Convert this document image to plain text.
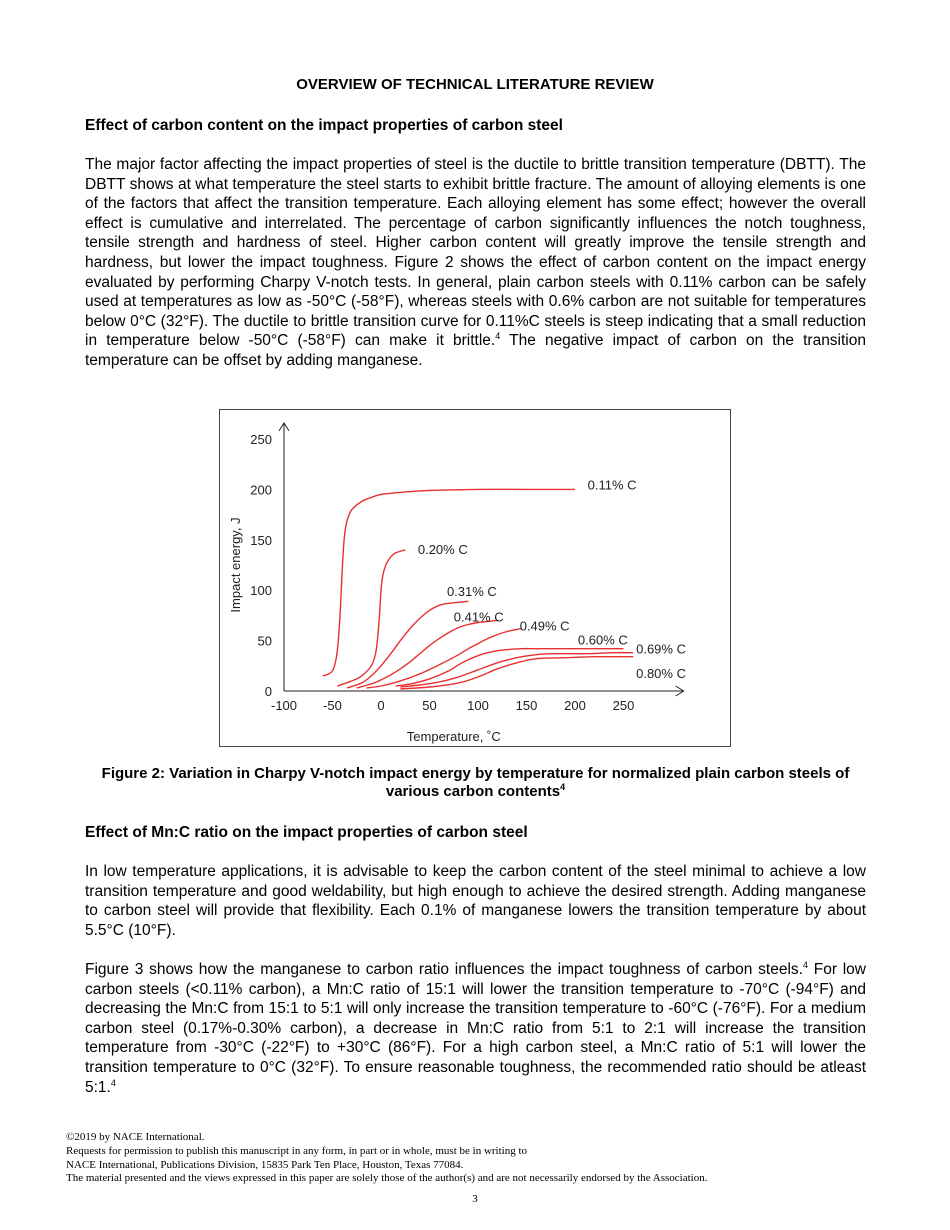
OVERVIEW OF TECHNICAL LITERATURE REVIEW
Effect of carbon content on the impact properties of carbon steel
The major factor affecting the impact properties of steel is the ductile to brittle transition temperature (DBTT). The DBTT shows at what temperature the steel starts to exhibit brittle fracture. The amount of alloying elements is one of the factors that affect the transition temperature. Each alloying element has some effect; however the overall effect is cumulative and interrelated. The percentage of carbon significantly influences the notch toughness, tensile strength and hardness of steel. Higher carbon content will greatly improve the tensile strength and hardness, but lower the impact toughness. Figure 2 shows the effect of carbon content on the impact energy evaluated by performing Charpy V-notch tests. In general, plain carbon steels with 0.11% carbon can be safely used at temperatures as low as -50°C (-58°F), whereas steels with 0.6% carbon are not suitable for temperatures below 0°C (32°F). The ductile to brittle transition curve for 0.11%C steels is steep indicating that a small reduction in temperature below -50°C (-58°F) can make it brittle.$^4$ The negative impact of carbon on the transition temperature can be offset by adding manganese.
-100 -50	0	50 100 150 200 250
0
50
100
150
200
250
Temperature, ˚C
Impact energy, J
0.11% C
0.20% C
0.31% C
0.41% C
0.49% C
0.60% C
0.69% C
0.80% C
Figure 2: Variation in Charpy V-notch impact energy by temperature for normalized plain carbon steels of various carbon contents$^4$
Effect of Mn:C ratio on the impact properties of carbon steel
In low temperature applications, it is advisable to keep the carbon content of the steel minimal to achieve a low transition temperature and good weldability, but high enough to achieve the desired strength. Adding manganese to carbon steel will provide that flexibility. Each 0.1% of manganese lowers the transition temperature by about 5.5°C (10°F).
Figure 3 shows how the manganese to carbon ratio influences the impact toughness of carbon steels.$^4$ For low carbon steels (<0.11% carbon), a Mn:C ratio of 15:1 will lower the transition temperature to -70°C (-94°F) and decreasing the Mn:C from 15:1 to 5:1 will only increase the transition temperature to -60°C (-76°F). For a medium carbon steel (0.17%-0.30% carbon), a decrease in Mn:C ratio from 5:1 to 2:1 will increase the transition temperature from -30°C (-22°F) to +30°C (86°F). For a high carbon steel, a Mn:C ratio of 5:1 will lower the transition temperature to 0°C (32°F). To ensure reasonable toughness, the recommended ratio should be atleast 5:1.$^4$
©2019 by NACE International.
Requests for permission to publish this manuscript in any form, in part or in whole, must be in writing to
NACE International, Publications Division, 15835 Park Ten Place, Houston, Texas 77084.
The material presented and the views expressed in this paper are solely those of the author(s) and are not necessarily endorsed by the Association.
3
